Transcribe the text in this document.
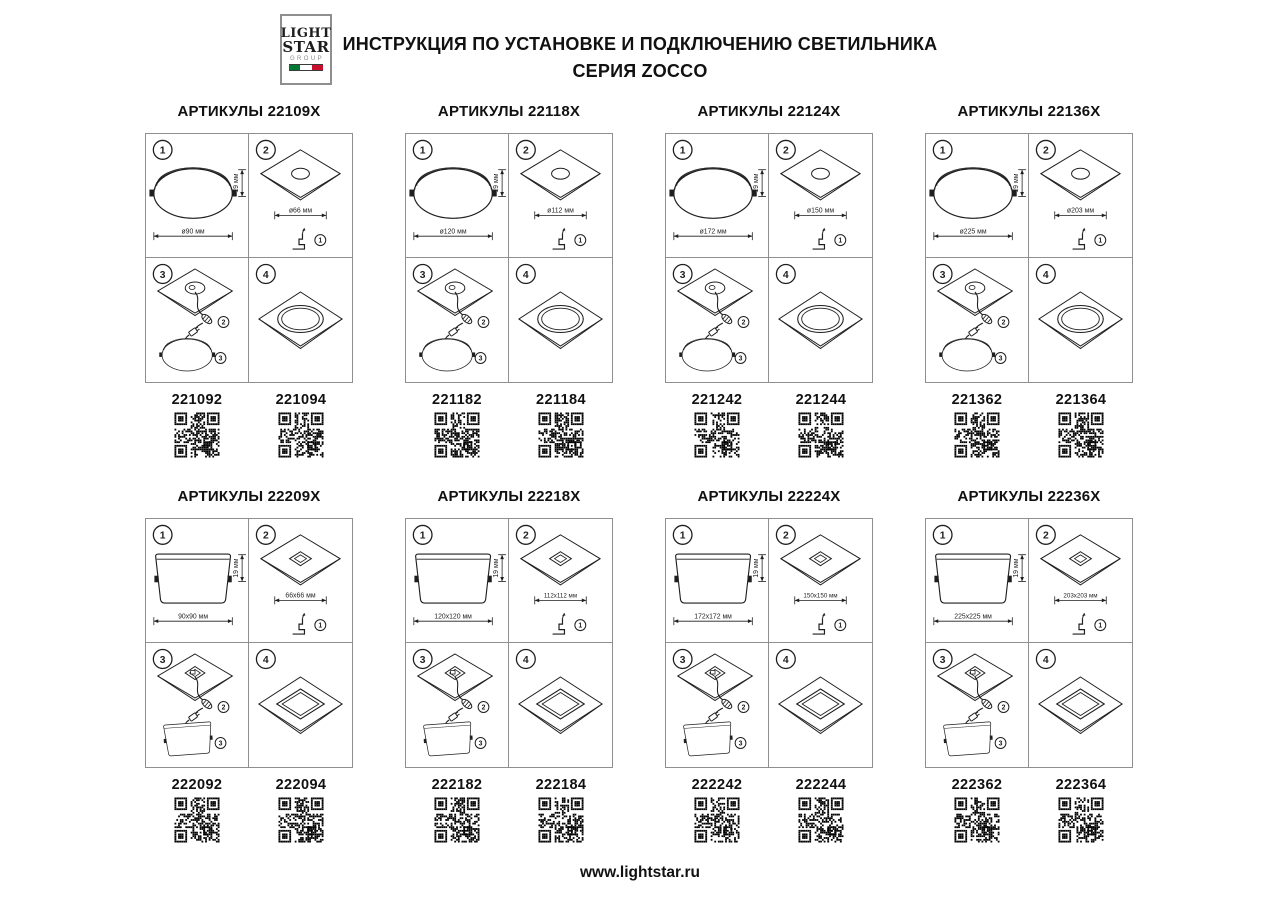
LIGHT
STAR
GROUP
ИНСТРУКЦИЯ ПО УСТАНОВКЕ И ПОДКЛЮЧЕНИЮ СВЕТИЛЬНИКА
СЕРИЯ ZOCCO
АРТИКУЛЫ 22109X
1
19 мм
ø90 мм
2
ø66 мм
1
3
2
3
4
221092	221094
АРТИКУЛЫ 22118X
1
19 мм
ø120 мм
2
ø112 мм
1
3
2
3
4
221182	221184
АРТИКУЛЫ 22124X
1
19 мм
ø172 мм
2
ø150 мм
1
3
2
3
4
221242	221244
АРТИКУЛЫ 22136X
1
19 мм
ø225 мм
2
ø203 мм
1
3
2
3
4
221362	221364
АРТИКУЛЫ 22209X
1
19 мм
90x90 мм
2
66x66 мм
1
3
2
3
4
222092	222094
АРТИКУЛЫ 22218X
1
19 мм
120x120 мм
2
112x112 мм
1
3
2
3
4
222182	222184
АРТИКУЛЫ 22224X
1
19 мм
172x172 мм
2
150x150 мм
1
3
2
3
4
222242	222244
АРТИКУЛЫ 22236X
1
19 мм
225x225 мм
2
203x203 мм
1
3
2
3
4
222362	222364
www.lightstar.ru
